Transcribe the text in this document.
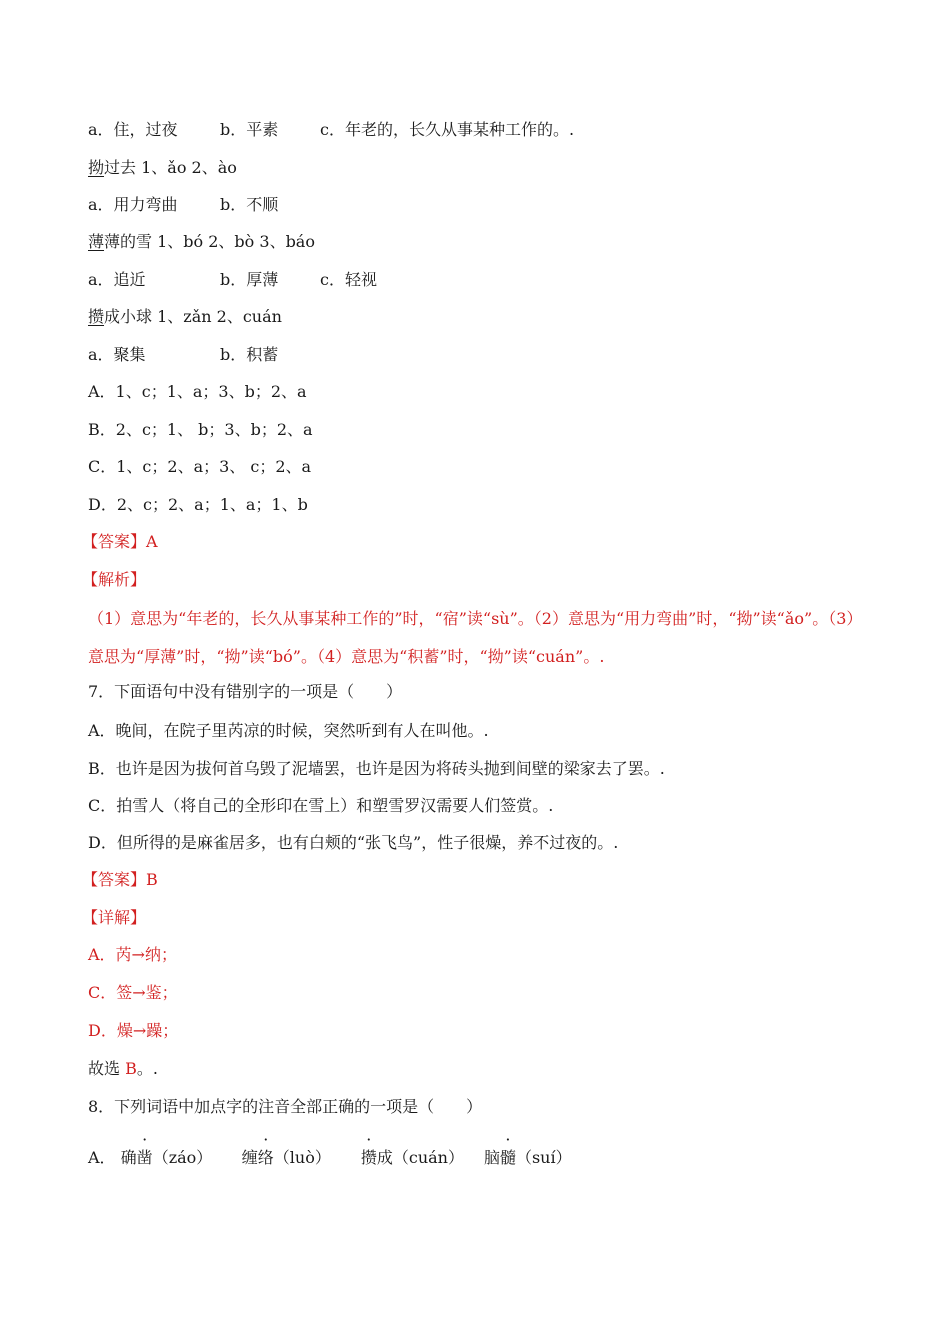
a．住，过夜	b．平素	c．年老的，长久从事某种工作的。.
拗过去 1、ǎo 2、ào
a．用力弯曲	b．不顺
薄薄的雪 1、bó 2、bò 3、báo
a．追近	b．厚薄	c．轻视
攒成小球 1、zǎn 2、cuán
a．聚集	b．积蓄
A．1、c；1、a；3、b；2、a
B．2、c；1、 b；3、b；2、a
C．1、c；2、a；3、 c；2、a
D．2、c；2、a；1、a；1、b
【答案】A
【解析】
（1）意思为“年老的，长久从事某种工作的”时，“宿”读“sù”。（2）意思为“用力弯曲”时，“拗”读“ǎo”。（3）意思为“厚薄”时，“拗”读“bó”。（4）意思为“积蓄”时，“拗”读“cuán”。.
7．下面语句中没有错别字的一项是（　　）
A．晚间，在院子里芮凉的时候，突然听到有人在叫他。.
B．也许是因为拔何首乌毁了泥墙罢，也许是因为将砖头抛到间壁的梁家去了罢。.
C．拍雪人（将自己的全形印在雪上）和塑雪罗汉需要人们签赏。.
D．但所得的是麻雀居多，也有白颊的“张飞鸟”，性子很燥，养不过夜的。.
【答案】B
【详解】
A．芮→纳；
C．签→鉴；
D．燥→躁；
故选 B。.
8．下列词语中加点字的注音全部正确的一项是（　　）
A． 确凿（záo） 缠络（luò） 攒成（cuán） 脑髓（suí）
